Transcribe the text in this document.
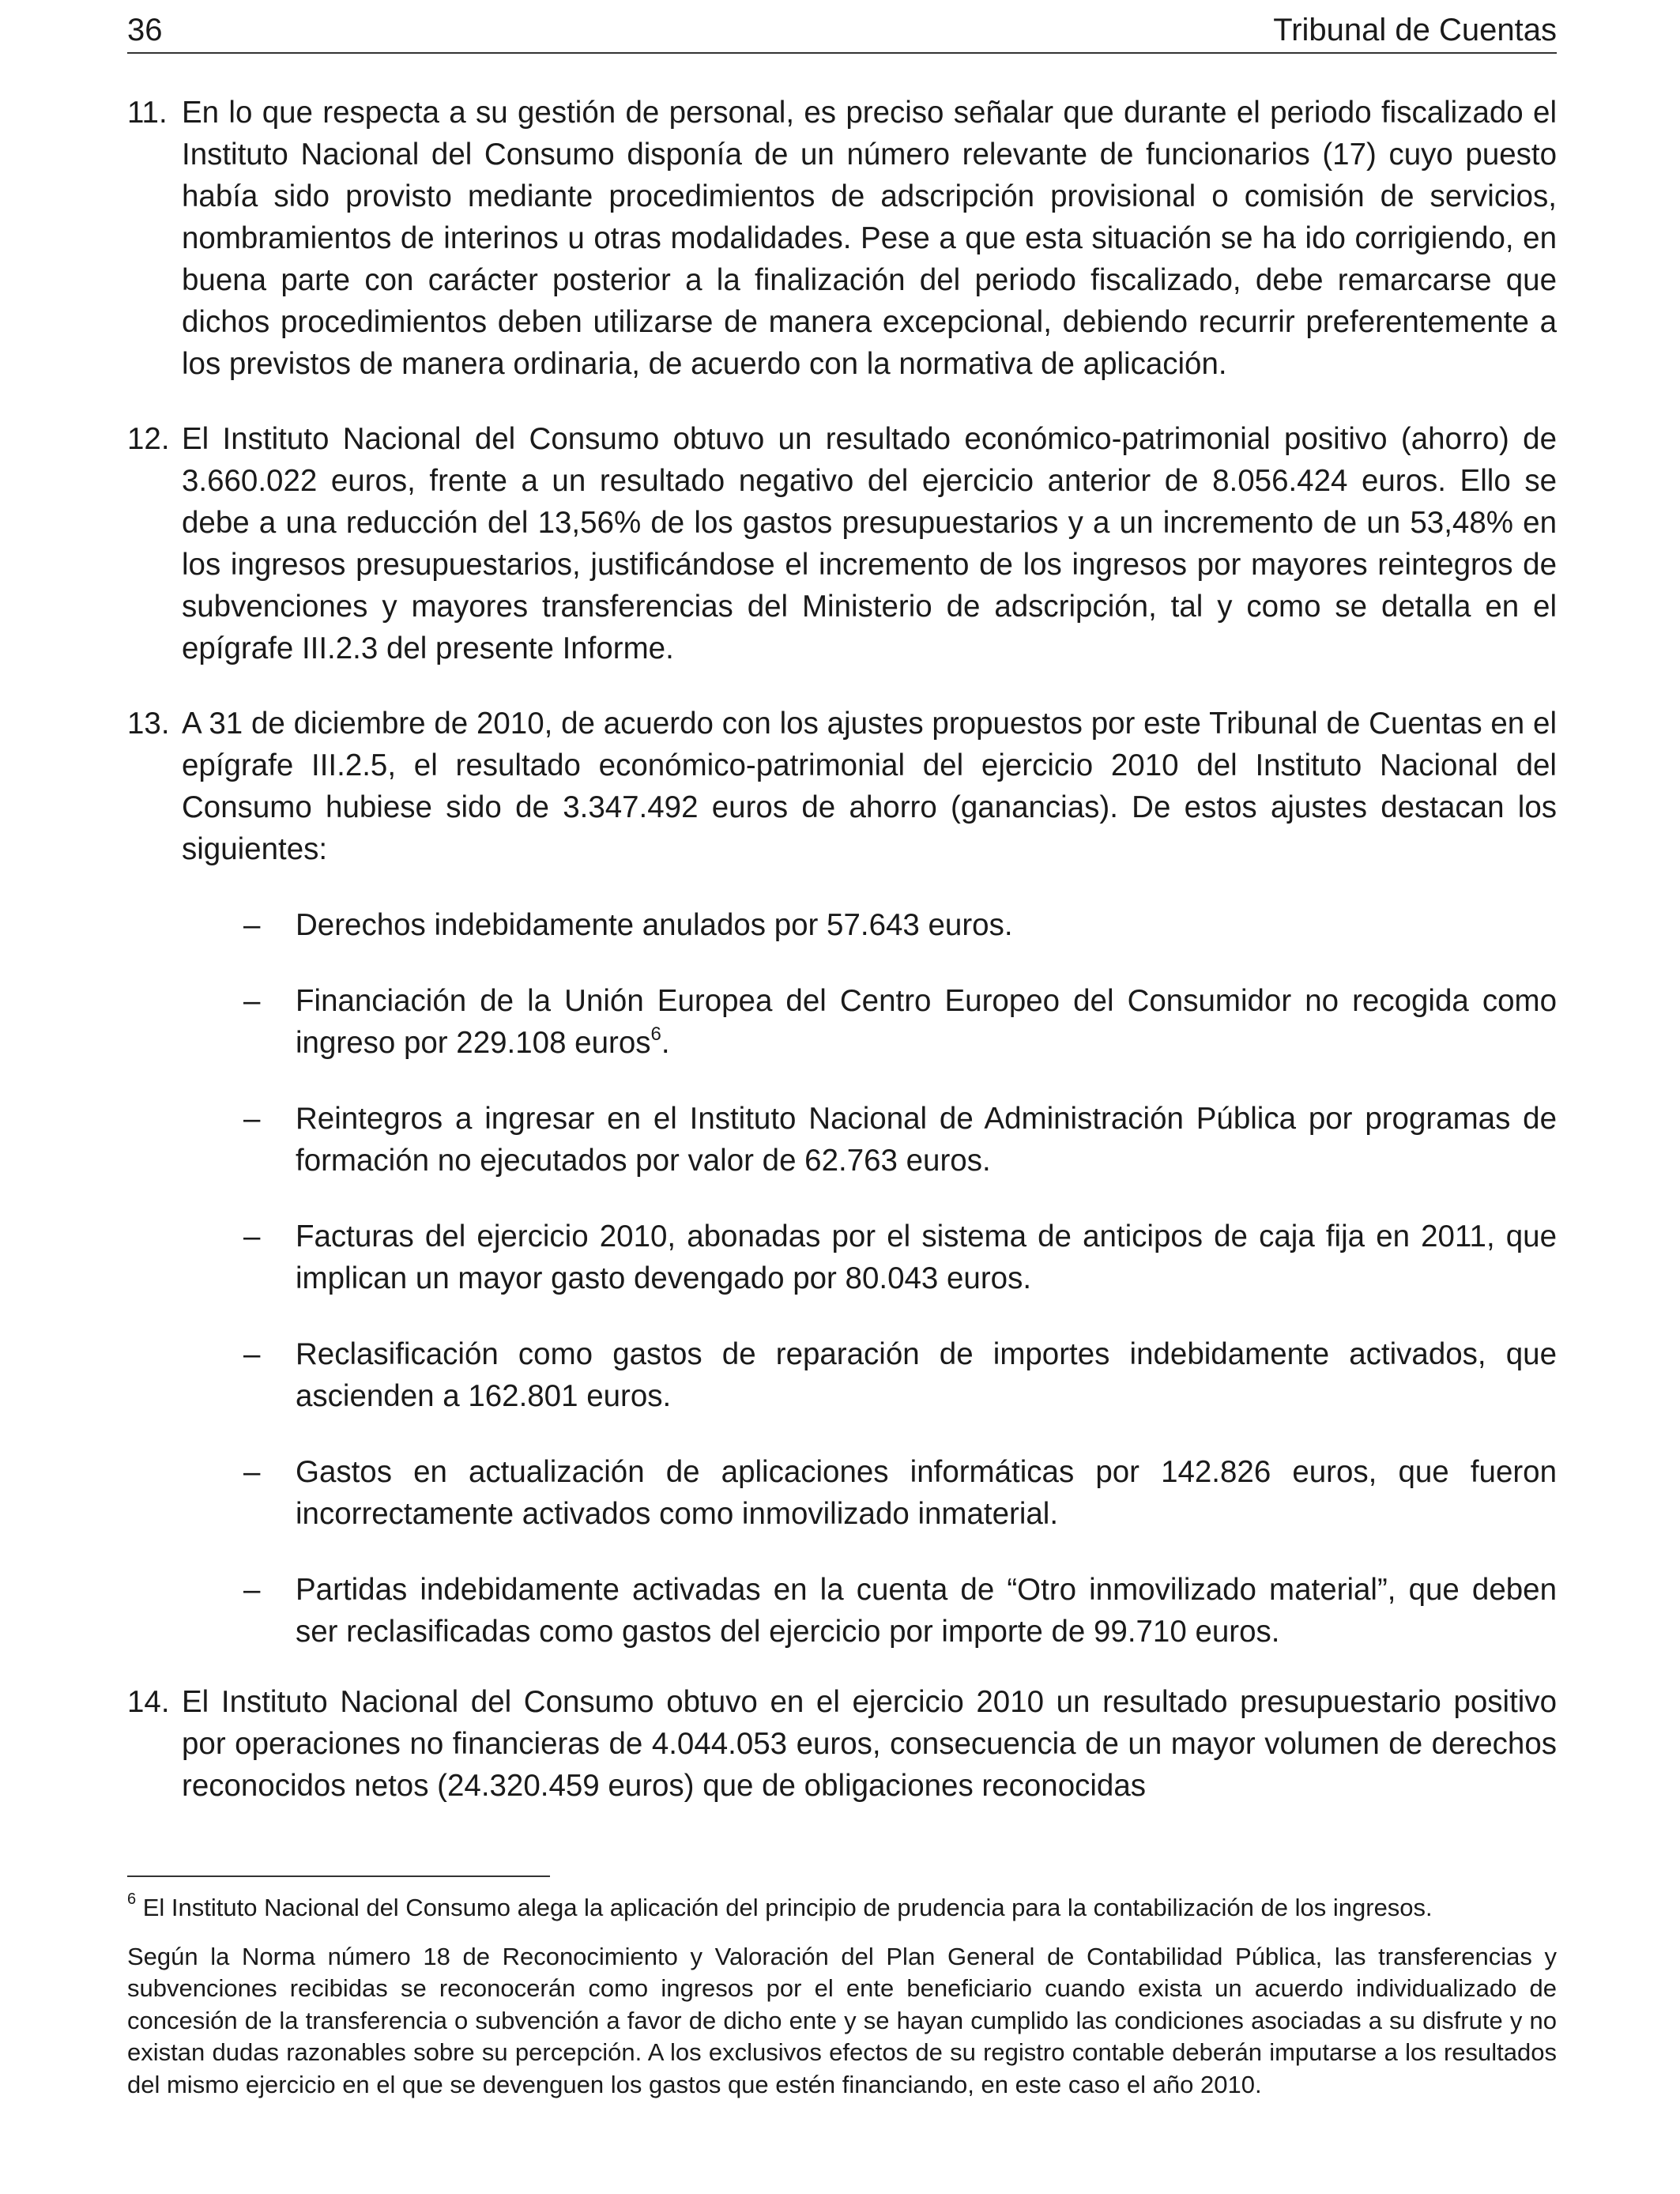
36	Tribunal de Cuentas

11. En lo que respecta a su gestión de personal, es preciso señalar que durante el periodo fiscalizado el Instituto Nacional del Consumo disponía de un número relevante de funcionarios (17) cuyo puesto había sido provisto mediante procedimientos de adscripción provisional o comisión de servicios, nombramientos de interinos u otras modalidades. Pese a que esta situación se ha ido corrigiendo, en buena parte con carácter posterior a la finalización del periodo fiscalizado, debe remarcarse que dichos procedimientos deben utilizarse de manera excepcional, debiendo recurrir preferentemente a los previstos de manera ordinaria, de acuerdo con la normativa de aplicación.

12. El Instituto Nacional del Consumo obtuvo un resultado económico-patrimonial positivo (ahorro) de 3.660.022 euros, frente a un resultado negativo del ejercicio anterior de 8.056.424 euros. Ello se debe a una reducción del 13,56% de los gastos presupuestarios y a un incremento de un 53,48% en los ingresos presupuestarios, justificándose el incremento de los ingresos por mayores reintegros de subvenciones y mayores transferencias del Ministerio de adscripción, tal y como se detalla en el epígrafe III.2.3 del presente Informe.

13. A 31 de diciembre de 2010, de acuerdo con los ajustes propuestos por este Tribunal de Cuentas en el epígrafe III.2.5, el resultado económico-patrimonial del ejercicio 2010 del Instituto Nacional del Consumo hubiese sido de 3.347.492 euros de ahorro (ganancias). De estos ajustes destacan los siguientes:

– Derechos indebidamente anulados por 57.643 euros.

– Financiación de la Unión Europea del Centro Europeo del Consumidor no recogida como ingreso por 229.108 euros$^6$.

– Reintegros a ingresar en el Instituto Nacional de Administración Pública por programas de formación no ejecutados por valor de 62.763 euros.

– Facturas del ejercicio 2010, abonadas por el sistema de anticipos de caja fija en 2011, que implican un mayor gasto devengado por 80.043 euros.

– Reclasificación como gastos de reparación de importes indebidamente activados, que ascienden a 162.801 euros.

– Gastos en actualización de aplicaciones informáticas por 142.826 euros, que fueron incorrectamente activados como inmovilizado inmaterial.

– Partidas indebidamente activadas en la cuenta de “Otro inmovilizado material”, que deben ser reclasificadas como gastos del ejercicio por importe de 99.710 euros.

14. El Instituto Nacional del Consumo obtuvo en el ejercicio 2010 un resultado presupuestario positivo por operaciones no financieras de 4.044.053 euros, consecuencia de un mayor volumen de derechos reconocidos netos (24.320.459 euros) que de obligaciones reconocidas

$^6$ El Instituto Nacional del Consumo alega la aplicación del principio de prudencia para la contabilización de los ingresos.

Según la Norma número 18 de Reconocimiento y Valoración del Plan General de Contabilidad Pública, las transferencias y subvenciones recibidas se reconocerán como ingresos por el ente beneficiario cuando exista un acuerdo individualizado de concesión de la transferencia o subvención a favor de dicho ente y se hayan cumplido las condiciones asociadas a su disfrute y no existan dudas razonables sobre su percepción. A los exclusivos efectos de su registro contable deberán imputarse a los resultados del mismo ejercicio en el que se devenguen los gastos que estén financiando, en este caso el año 2010.
